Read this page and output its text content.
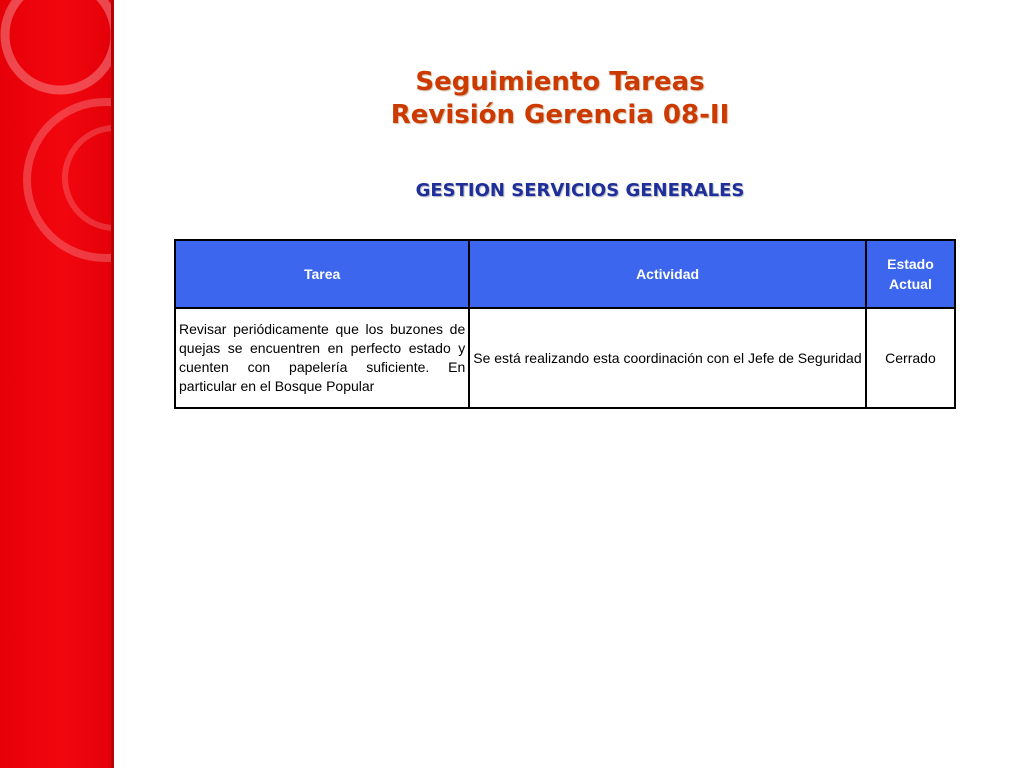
Seguimiento Tareas
Revisión Gerencia 08-II
GESTION SERVICIOS GENERALES
Tarea	Actividad	Estado Actual
Revisar periódicamente que los buzones de quejas se encuentren en perfecto estado y cuenten con papelería suficiente. En particular en el Bosque Popular	Se está realizando esta coordinación con el Jefe de Seguridad	Cerrado
